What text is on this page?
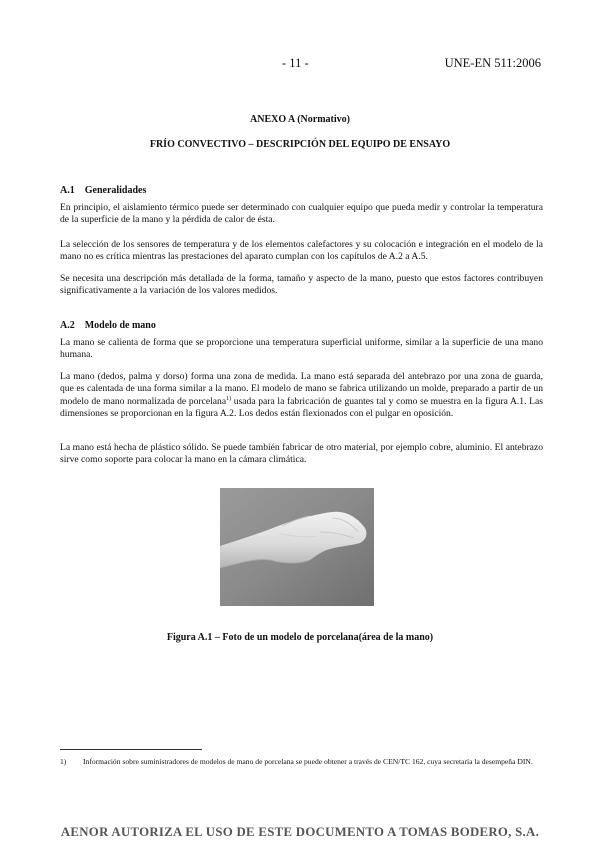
- 11 -	UNE-EN 511:2006
ANEXO A (Normativo)
FRÍO CONVECTIVO – DESCRIPCIÓN DEL EQUIPO DE ENSAYO
A.1 Generalidades

En principio, el aislamiento térmico puede ser determinado con cualquier equipo que pueda medir y controlar la temperatura de la superficie de la mano y la pérdida de calor de ésta.

La selección de los sensores de temperatura y de los elementos calefactores y su colocación e integración en el modelo de la mano no es crítica mientras las prestaciones del aparato cumplan con los capítulos de A.2 a A.5.

Se necesita una descripción más detallada de la forma, tamaño y aspecto de la mano, puesto que estos factores contribuyen significativamente a la variación de los valores medidos.

A.2 Modelo de mano

La mano se calienta de forma que se proporcione una temperatura superficial uniforme, similar a la superficie de una mano humana.

La mano (dedos, palma y dorso) forma una zona de medida. La mano está separada del antebrazo por una zona de guarda, que es calentada de una forma similar a la mano. El modelo de mano se fabrica utilizando un molde, preparado a partir de un modelo de mano normalizada de porcelana$^{1)}$ usada para la fabricación de guantes tal y como se muestra en la figura A.1. Las dimensiones se proporcionan en la figura A.2. Los dedos están flexionados con el pulgar en oposición.

La mano está hecha de plástico sólido. Se puede también fabricar de otro material, por ejemplo cobre, aluminio. El antebrazo sirve como soporte para colocar la mano en la cámara climática.

Figura A.1 – Foto de un modelo de porcelana(área de la mano)
1) Información sobre suministradores de modelos de mano de porcelana se puede obtener a través de CEN/TC 162, cuya secretaría la desempeña DIN.
AENOR AUTORIZA EL USO DE ESTE DOCUMENTO A TOMAS BODERO, S.A.
